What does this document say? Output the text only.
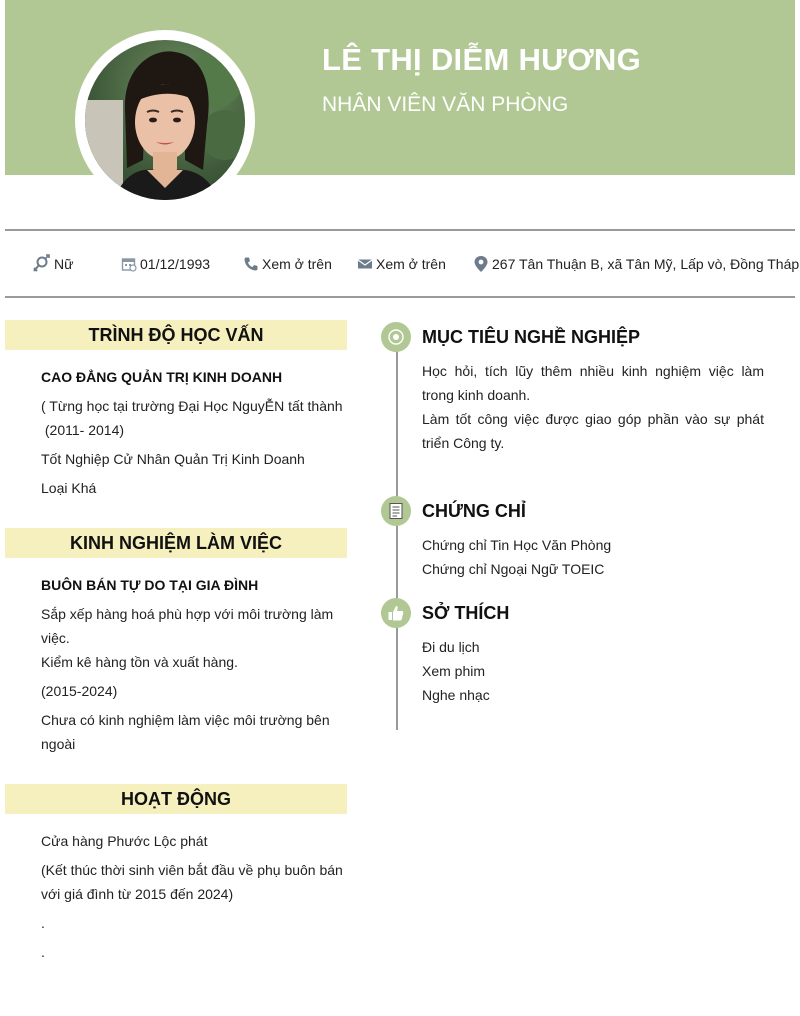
LÊ THỊ DIỄM HƯƠNG
NHÂN VIÊN VĂN PHÒNG
Nữ	01/12/1993	Xem ở trên	Xem ở trên	267 Tân Thuận B, xã Tân Mỹ, Lấp vò, Đồng Tháp
TRÌNH ĐỘ HỌC VẤN
CAO ĐẲNG QUẢN TRỊ KINH DOANH
( Từng học tại trường Đại Học NguyỄN tất thành
(2011- 2014)
Tốt Nghiệp Cử Nhân Quản Trị Kinh Doanh
Loại Khá
KINH NGHIỆM LÀM VIỆC
BUÔN BÁN TỰ DO TẠI GIA ĐÌNH
Sắp xếp hàng hoá phù hợp với môi trường làm việc.
Kiểm kê hàng tồn và xuất hàng.
(2015-2024)
Chưa có kinh nghiệm làm việc môi trường bên ngoài
HOẠT ĐỘNG
Cửa hàng Phước Lộc phát
(Kết thúc thời sinh viên bắt đầu về phụ buôn bán với giá đình từ 2015 đến 2024)
.
.
MỤC TIÊU NGHỀ NGHIỆP
Học hỏi, tích lũy thêm nhiều kinh nghiệm việc làm trong kinh doanh.
Làm tốt công việc được giao góp phần vào sự phát triển Công ty.
CHỨNG CHỈ
Chứng chỉ Tin Học Văn Phòng
Chứng chỉ Ngoại Ngữ TOEIC
SỞ THÍCH
Đi du lịch
Xem phim
Nghe nhạc
